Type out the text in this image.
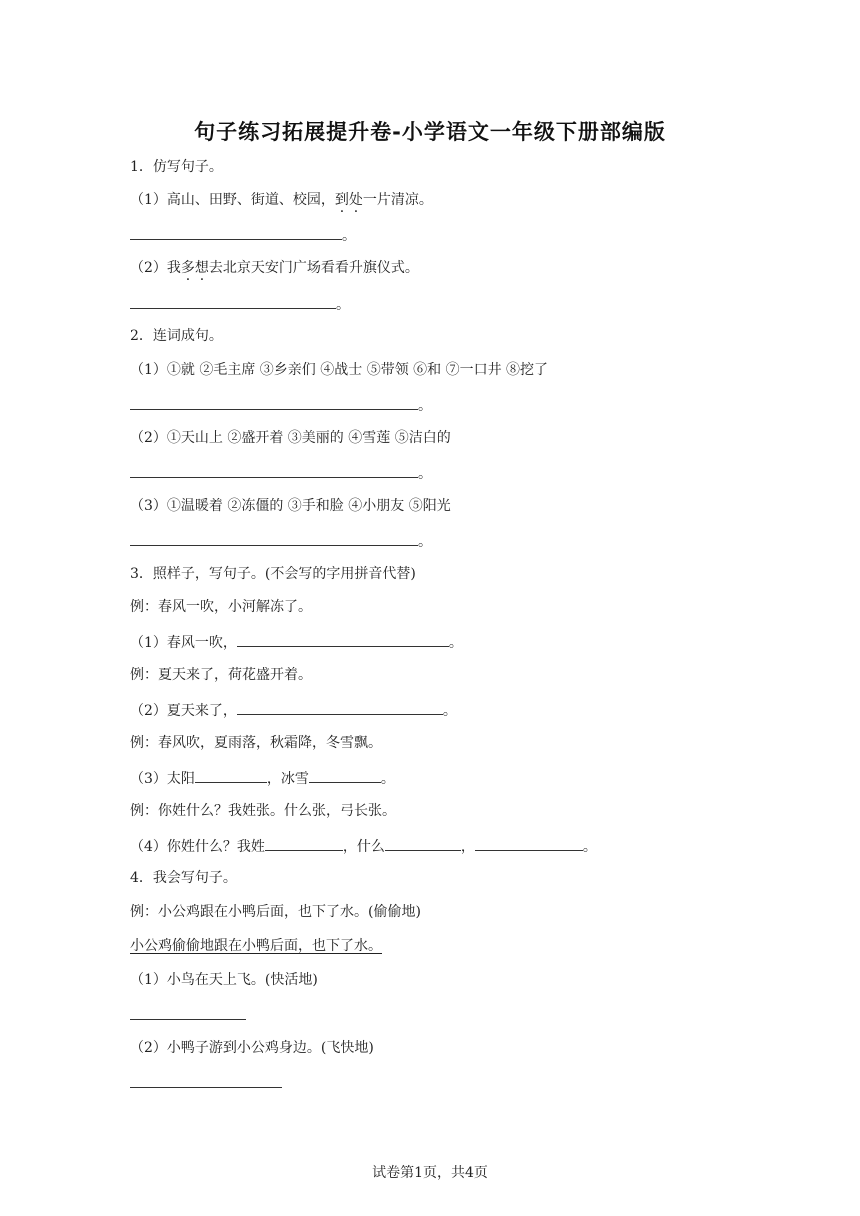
句子练习拓展提升卷-小学语文一年级下册部编版
1．仿写句子。
（1）高山、田野、街道、校园，到处一片清凉。
。
（2）我多想去北京天安门广场看看升旗仪式。
。
2．连词成句。
（1）①就 ②毛主席 ③乡亲们 ④战士 ⑤带领 ⑥和 ⑦一口井 ⑧挖了
。
（2）①天山上 ②盛开着 ③美丽的 ④雪莲 ⑤洁白的
。
（3）①温暖着 ②冻僵的 ③手和脸 ④小朋友 ⑤阳光
。
3．照样子，写句子。(不会写的字用拼音代替)
例：春风一吹，小河解冻了。
（1）春风一吹，	。
例：夏天来了，荷花盛开着。
（2）夏天来了，	。
例：春风吹，夏雨落，秋霜降，冬雪飘。
（3）太阳	，冰雪	。
例：你姓什么？我姓张。什么张，弓长张。
（4）你姓什么？我姓	，什么	，	。
4．我会写句子。
例：小公鸡跟在小鸭后面，也下了水。(偷偷地)
小公鸡偷偷地跟在小鸭后面，也下了水。
（1）小鸟在天上飞。(快活地)
（2）小鸭子游到小公鸡身边。(飞快地)
试卷第1页，共4页
